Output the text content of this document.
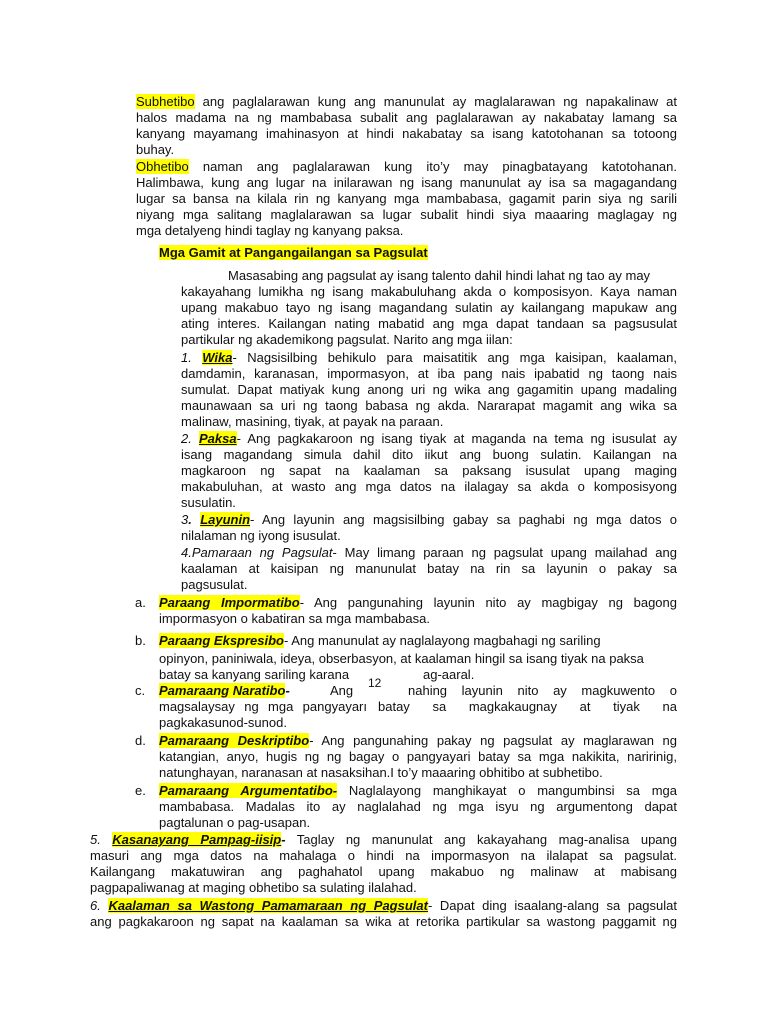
Subhetibo ang paglalarawan kung ang manunulat ay maglalarawan ng napakalinaw at
halos madama na ng mambabasa subalit ang paglalarawan ay nakabatay lamang sa
kanyang mayamang imahinasyon at hindi nakabatay sa isang katotohanan sa totoong
buhay.
Obhetibo naman ang paglalarawan kung ito’y may pinagbatayang katotohanan.
Halimbawa, kung ang lugar na inilarawan ng isang manunulat ay isa sa magagandang
lugar sa bansa na kilala rin ng kanyang mga mambabasa, gagamit parin siya ng sarili
niyang mga salitang maglalarawan sa lugar subalit hindi siya maaaring maglagay ng
mga detalyeng hindi taglay ng kanyang paksa.
Mga Gamit at Pangangailangan sa Pagsulat
Masasabing ang pagsulat ay isang talento dahil hindi lahat ng tao ay may
kakayahang lumikha ng isang makabuluhang akda o komposisyon. Kaya naman
upang makabuo tayo ng isang magandang sulatin ay kailangang mapukaw ang
ating interes. Kailangan nating mabatid ang mga dapat tandaan sa pagsusulat
partikular ng akademikong pagsulat. Narito ang mga iilan:
1. Wika- Nagsisilbing behikulo para maisatitik ang mga kaisipan, kaalaman,
damdamin, karanasan, impormasyon, at iba pang nais ipabatid ng taong nais
sumulat. Dapat matiyak kung anong uri ng wika ang gagamitin upang madaling
maunawaan sa uri ng taong babasa ng akda. Nararapat magamit ang wika sa
malinaw, masining, tiyak, at payak na paraan.
2. Paksa- Ang pagkakaroon ng isang tiyak at maganda na tema ng isusulat ay
isang magandang simula dahil dito iikut ang buong sulatin. Kailangan na
magkaroon ng sapat na kaalaman sa paksang isusulat upang maging
makabuluhan, at wasto ang mga datos na ilalagay sa akda o komposisyong
susulatin.
3. Layunin- Ang layunin ang magsisilbing gabay sa paghabi ng mga datos o
nilalaman ng iyong isusulat.
4.Pamaraan ng Pagsulat- May limang paraan ng pagsulat upang mailahad ang
kaalaman at kaisipan ng manunulat batay na rin sa layunin o pakay sa
pagsusulat.
a. Paraang Impormatibo- Ang pangunahing layunin nito ay magbigay ng bagong
impormasyon o kabatiran sa mga mambabasa.
b. Paraang Ekspresibo- Ang manunulat ay naglalayong magbahagi ng sariling
opinyon, paniniwala, ideya, obserbasyon, at kaalaman hingil sa isang tiyak na paksa
batay sa kanyang sariling karana	ag-aaral.
c. Pamaraang Naratibo-	Ang	nahing layunin nito ay magkuwento o
magsalaysay ng mga pangyayarı batay sa magkakaugnay at tiyak na
pagkakasunod-sunod.
12
d. Pamaraang Deskriptibo- Ang pangunahing pakay ng pagsulat ay maglarawan ng
katangian, anyo, hugis ng ng bagay o pangyayari batay sa mga nakikita, naririnig,
natunghayan, naranasan at nasaksihan.I to’y maaaring obhitibo at subhetibo.
e. Pamaraang Argumentatibo- Naglalayong manghikayat o mangumbinsi sa mga
mambabasa. Madalas ito ay naglalahad ng mga isyu ng argumentong dapat
pagtalunan o pag-usapan.
5. Kasanayang Pampag-iisip- Taglay ng manunulat ang kakayahang mag-analisa upang
masuri ang mga datos na mahalaga o hindi na impormasyon na ilalapat sa pagsulat.
Kailangang makatuwiran ang paghahatol upang makabuo ng malinaw at mabisang
pagpapaliwanag at maging obhetibo sa sulating ilalahad.
6. Kaalaman sa Wastong Pamamaraan ng Pagsulat- Dapat ding isaalang-alang sa pagsulat
ang pagkakaroon ng sapat na kaalaman sa wika at retorika partikular sa wastong paggamit ng
